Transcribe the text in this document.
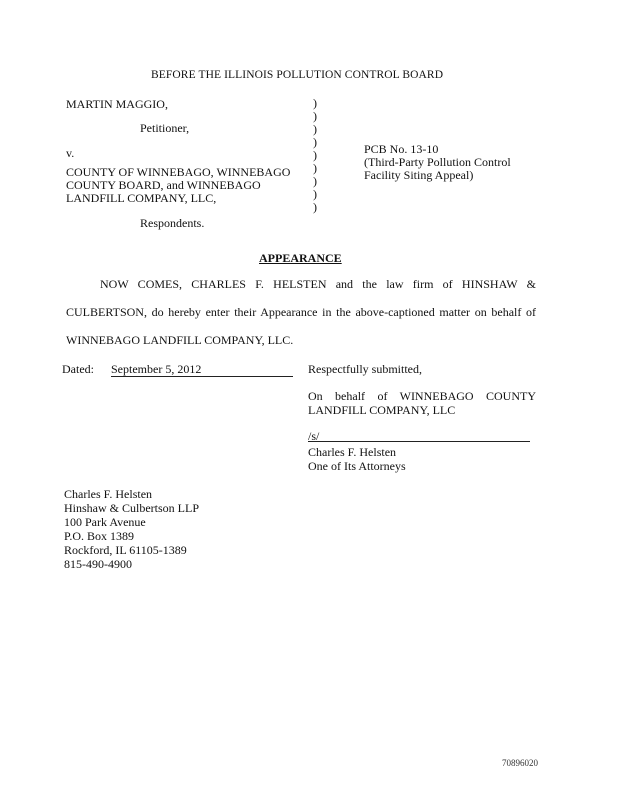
BEFORE THE ILLINOIS POLLUTION CONTROL BOARD
MARTIN MAGGIO,
Petitioner,
v.
COUNTY OF WINNEBAGO, WINNEBAGO
COUNTY BOARD, and WINNEBAGO
LANDFILL COMPANY, LLC,
Respondents.
)
)
)
)
)
)
)
)
)
PCB No. 13-10
(Third-Party Pollution Control
Facility Siting Appeal)
APPEARANCE
NOW COMES, CHARLES F. HELSTEN and the law firm of HINSHAW &
CULBERTSON, do hereby enter their Appearance in the above-captioned matter on behalf of
WINNEBAGO LANDFILL COMPANY, LLC.
Dated: September 5, 2012	Respectfully submitted,
On behalf of WINNEBAGO COUNTY
LANDFILL COMPANY, LLC
/s/
Charles F. Helsten
One of Its Attorneys
Charles F. Helsten
Hinshaw & Culbertson LLP
100 Park Avenue
P.O. Box 1389
Rockford, IL 61105-1389
815-490-4900
70896020
